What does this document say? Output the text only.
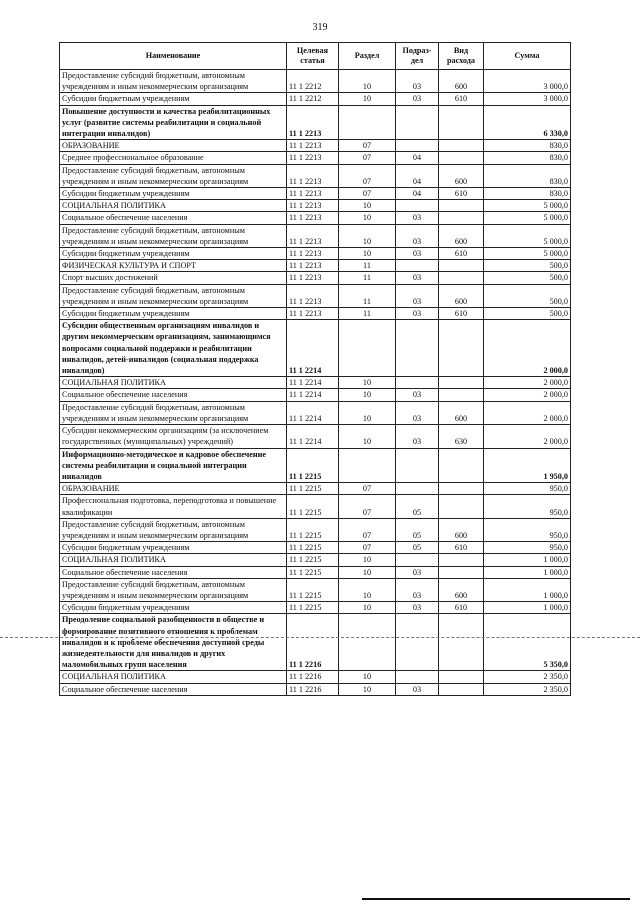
319
Наименование	Целевая статья	Раздел	Подраз-дел	Вид расхода	Сумма
Предоставление субсидий бюджетным, автономным учреждениям и иным некоммерческим организациям	11 1 2212	10	03	600	3 000,0
Субсидии бюджетным учреждениям	11 1 2212	10	03	610	3 000,0
Повышение доступности и качества реабилитационных услуг (развитие системы реабилитации и социальной интеграции инвалидов)	11 1 2213				6 330,0
ОБРАЗОВАНИЕ	11 1 2213	07			830,0
Среднее профессиональное образование	11 1 2213	07	04		830,0
Предоставление субсидий бюджетным, автономным учреждениям и иным некоммерческим организациям	11 1 2213	07	04	600	830,0
Субсидии бюджетным учреждениям	11 1 2213	07	04	610	830,0
СОЦИАЛЬНАЯ ПОЛИТИКА	11 1 2213	10			5 000,0
Социальное обеспечение населения	11 1 2213	10	03		5 000,0
Предоставление субсидий бюджетным, автономным учреждениям и иным некоммерческим организациям	11 1 2213	10	03	600	5 000,0
Субсидии бюджетным учреждениям	11 1 2213	10	03	610	5 000,0
ФИЗИЧЕСКАЯ КУЛЬТУРА И СПОРТ	11 1 2213	11			500,0
Спорт высших достижений	11 1 2213	11	03		500,0
Предоставление субсидий бюджетным, автономным учреждениям и иным некоммерческим организациям	11 1 2213	11	03	600	500,0
Субсидии бюджетным учреждениям	11 1 2213	11	03	610	500,0
Субсидии общественным организациям инвалидов и другим некоммерческим организациям, занимающимся вопросами социальной поддержки и реабилитации инвалидов, детей-инвалидов (социальная поддержка инвалидов)	11 1 2214				2 000,0
СОЦИАЛЬНАЯ ПОЛИТИКА	11 1 2214	10			2 000,0
Социальное обеспечение населения	11 1 2214	10	03		2 000,0
Предоставление субсидий бюджетным, автономным учреждениям и иным некоммерческим организациям	11 1 2214	10	03	600	2 000,0
Субсидии некоммерческим организациям (за исключением государственных (муниципальных) учреждений)	11 1 2214	10	03	630	2 000,0
Информационно-методическое и кадровое обеспечение системы реабилитации и социальной интеграции инвалидов	11 1 2215				1 950,0
ОБРАЗОВАНИЕ	11 1 2215	07			950,0
Профессиональная подготовка, переподготовка и повышение квалификации	11 1 2215	07	05		950,0
Предоставление субсидий бюджетным, автономным учреждениям и иным некоммерческим организациям	11 1 2215	07	05	600	950,0
Субсидии бюджетным учреждениям	11 1 2215	07	05	610	950,0
СОЦИАЛЬНАЯ ПОЛИТИКА	11 1 2215	10			1 000,0
Социальное обеспечение населения	11 1 2215	10	03		1 000,0
Предоставление субсидий бюджетным, автономным учреждениям и иным некоммерческим организациям	11 1 2215	10	03	600	1 000,0
Субсидии бюджетным учреждениям	11 1 2215	10	03	610	1 000,0
Преодоление социальной разобщенности в обществе и формирование позитивного отношения к проблемам инвалидов и к проблеме обеспечения доступной среды жизнедеятельности для инвалидов и других маломобильных групп населения	11 1 2216				5 350,0
СОЦИАЛЬНАЯ ПОЛИТИКА	11 1 2216	10			2 350,0
Социальное обеспечение населения	11 1 2216	10	03		2 350,0
